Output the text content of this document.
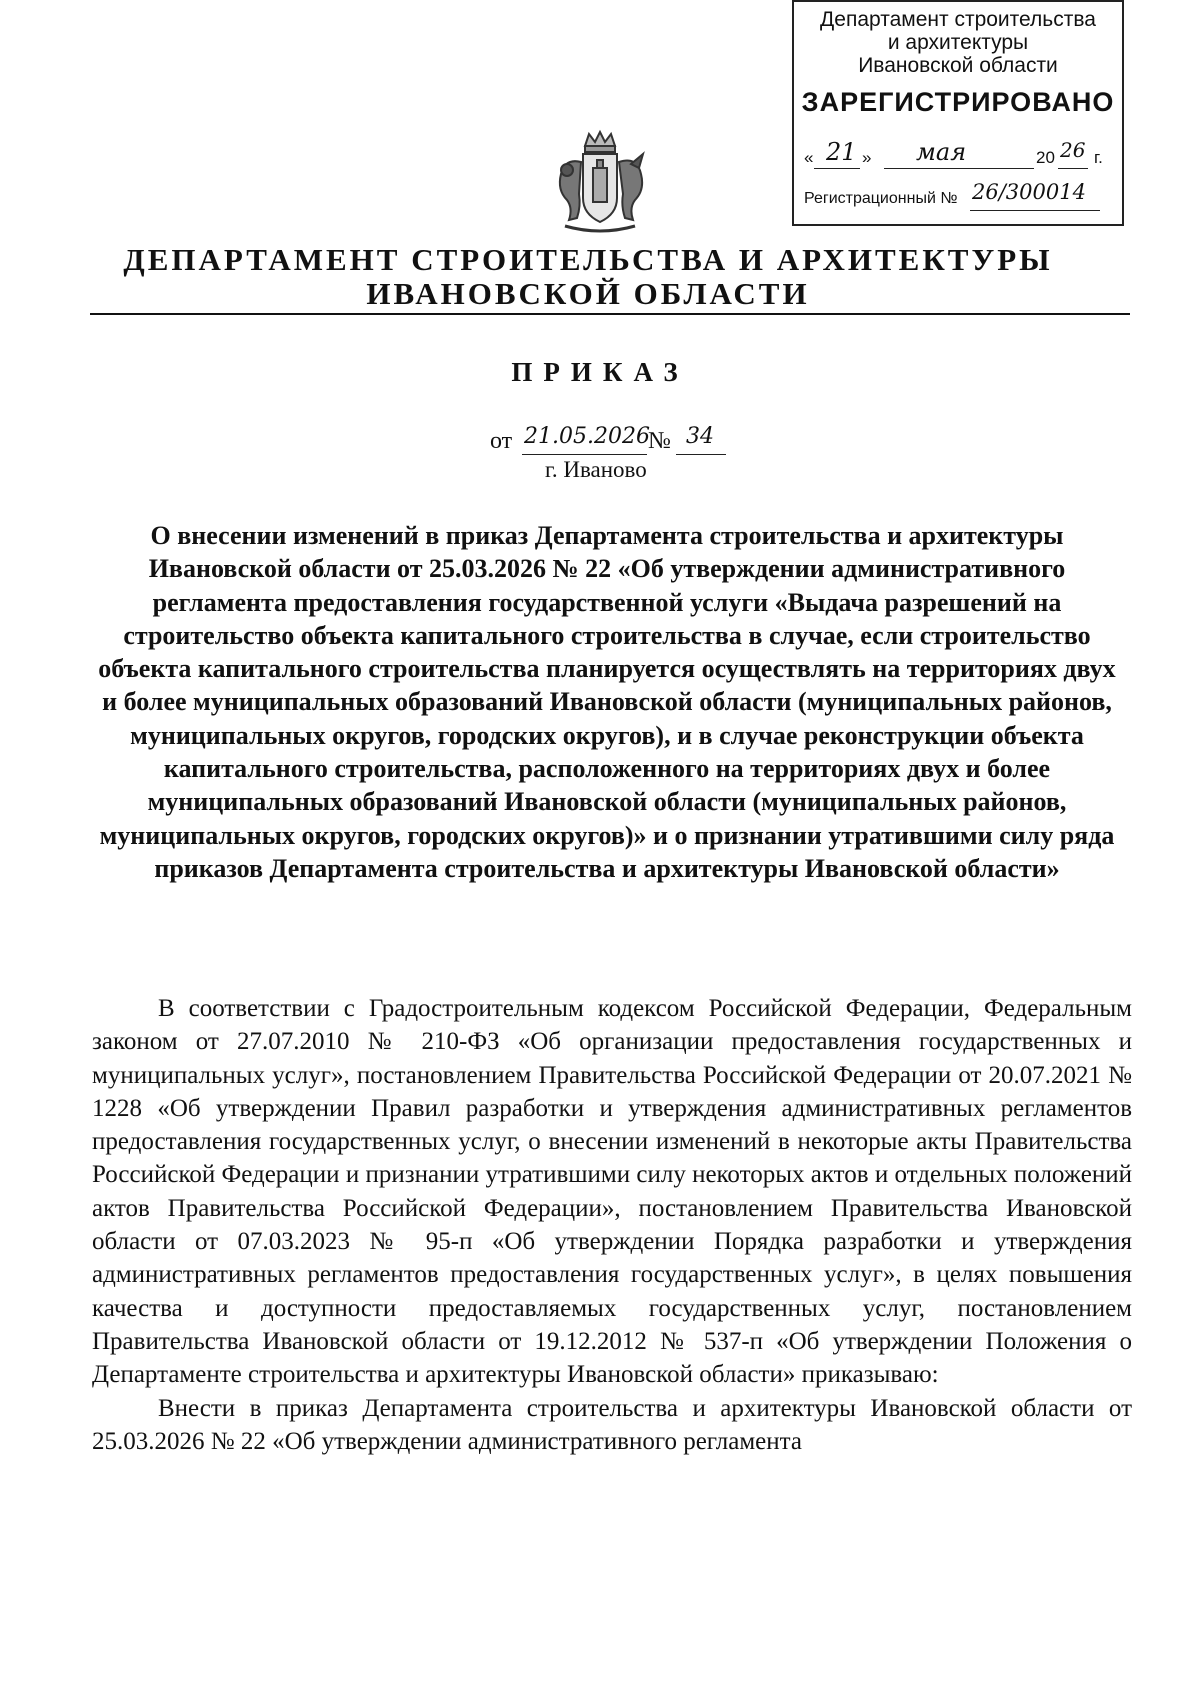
Департамент строительства
и архитектуры
Ивановской области
ЗАРЕГИСТРИРОВАНО
« 21 » мая	20 26 г.
Регистрационный № 26/300014
ДЕПАРТАМЕНТ СТРОИТЕЛЬСТВА И АРХИТЕКТУРЫ
ИВАНОВСКОЙ ОБЛАСТИ
ПРИКАЗ
от 21.05.2026
№ 34
г. Иваново
О внесении изменений в приказ Департамента строительства и архитектуры Ивановской области от 25.03.2026 № 22 «Об утверждении административного регламента предоставления государственной услуги «Выдача разрешений на строительство объекта капитального строительства в случае, если строительство объекта капитального строительства планируется осуществлять на территориях двух и более муниципальных образований Ивановской области (муниципальных районов, муниципальных округов, городских округов), и в случае реконструкции объекта капитального строительства, расположенного на территориях двух и более муниципальных образований Ивановской области (муниципальных районов, муниципальных округов, городских округов)» и о признании утратившими силу ряда приказов Департамента строительства и архитектуры Ивановской области»

В соответствии с Градостроительным кодексом Российской Федерации, Федеральным законом от 27.07.2010 № 210-ФЗ «Об организации предоставления государственных и муниципальных услуг», постановлением Правительства Российской Федерации от 20.07.2021 № 1228 «Об утверждении Правил разработки и утверждения административных регламентов предоставления государственных услуг, о внесении изменений в некоторые акты Правительства Российской Федерации и признании утратившими силу некоторых актов и отдельных положений актов Правительства Российской Федерации», постановлением Правительства Ивановской области от 07.03.2023 № 95-п «Об утверждении Порядка разработки и утверждения административных регламентов предоставления государственных услуг», в целях повышения качества и доступности предоставляемых государственных услуг, постановлением Правительства Ивановской области от 19.12.2012 № 537-п «Об утверждении Положения о Департаменте строительства и архитектуры Ивановской области» приказываю:

Внести в приказ Департамента строительства и архитектуры Ивановской области от 25.03.2026 № 22 «Об утверждении административного регламента
